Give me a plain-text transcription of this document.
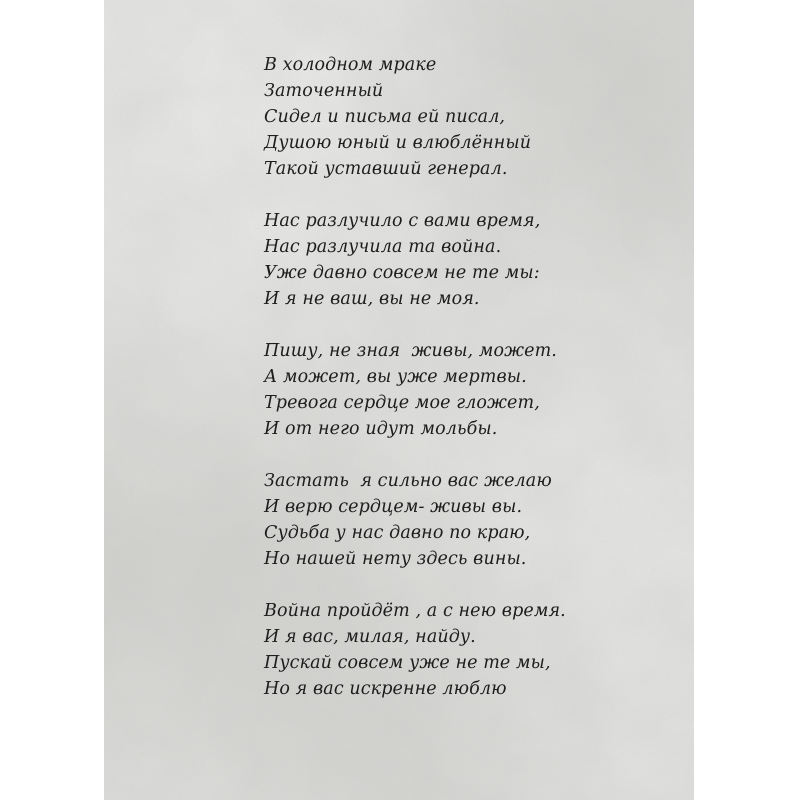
В холодном мраке
Заточенный
Сидел и письма ей писал,
Душою юный и влюблённый
Такой уставший генерал.
Нас разлучило с вами время,
Нас разлучила та война.
Уже давно совсем не те мы:
И я не ваш, вы не моя.
Пишу, не зная  живы, может.
А может, вы уже мертвы.
Тревога сердце мое гложет,
И от него идут мольбы.
Застать  я сильно вас желаю
И верю сердцем- живы вы.
Судьба у нас давно по краю,
Но нашей нету здесь вины.
Война пройдёт , а с нею время.
И я вас, милая, найду.
Пускай совсем уже не те мы,
Но я вас искренне люблю
